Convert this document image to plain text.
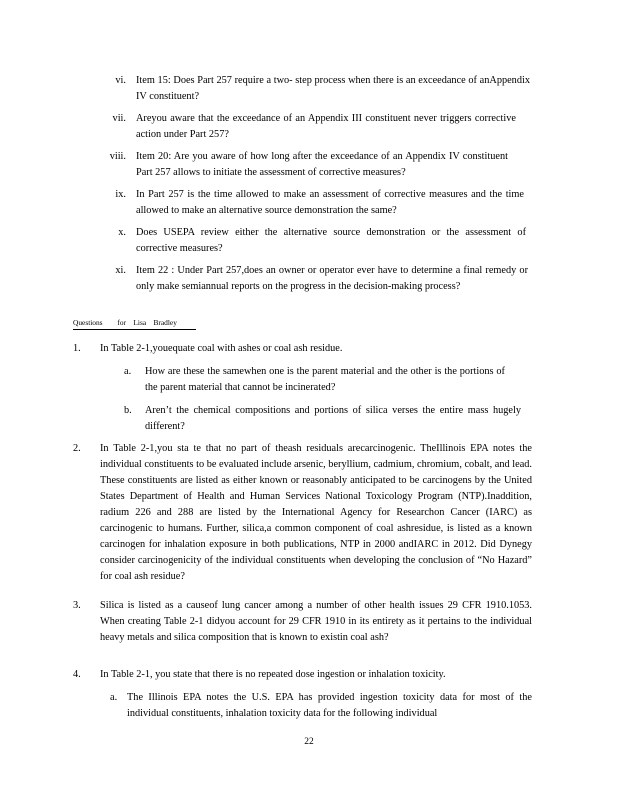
vi. Item 15: Does Part 257 require a two- step process when there is an exceedance of anAppendix IV constituent?
vii. Areyou aware that the exceedance of an Appendix III constituent never triggers corrective action under Part 257?
viii. Item 20: Are you aware of how long after the exceedance of an Appendix IV constituent Part 257 allows to initiate the assessment of corrective measures?
ix. In Part 257 is the time allowed to make an assessment of corrective measures and the time allowed to make an alternative source demonstration the same?
x. Does USEPA review either the alternative source demonstration or the assessment of corrective measures?
xi. Item 22 : Under Part 257,does an owner or operator ever have to determine a final remedy or only make semiannual reports on the progress in the decision-making process?
Questions for Lisa Bradley
1. In Table 2-1,youequate coal with ashes or coal ash residue.
a.	How are these the samewhen one is the parent material and the other is the portions of the parent material that cannot be incinerated?
b.	Aren’t the chemical compositions and portions of silica verses the entire mass hugely different?
2. In Table 2-1,you sta te that no part of theash residuals arecarcinogenic. TheIllinois EPA notes the individual constituents to be evaluated include arsenic, beryllium, cadmium, chromium, cobalt, and lead. These constituents are listed as either known or reasonably anticipated to be carcinogens by the United States Department of Health and Human Services National Toxicology Program (NTP).Inaddition, radium 226 and 288 are listed by the International Agency for Researchon Cancer (IARC) as carcinogenic to humans. Further, silica,a common component of coal ashresidue, is listed as a known carcinogen for inhalation exposure in both publications, NTP in 2000 andIARC in 2012. Did Dynegy consider carcinogenicity of the individual constituents when developing the conclusion of “No Hazard” for coal ash residue?
3. Silica is listed as a causeof lung cancer among a number of other health issues 29 CFR 1910.1053. When creating Table 2-1 didyou account for 29 CFR 1910 in its entirety as it pertains to the individual heavy metals and silica composition that is known to existin coal ash?
4. In Table 2-1, you state that there is no repeated dose ingestion or inhalation toxicity.
a. The Illinois EPA notes the U.S. EPA has provided ingestion toxicity data for most of the individual constituents, inhalation toxicity data for the following individual
22
